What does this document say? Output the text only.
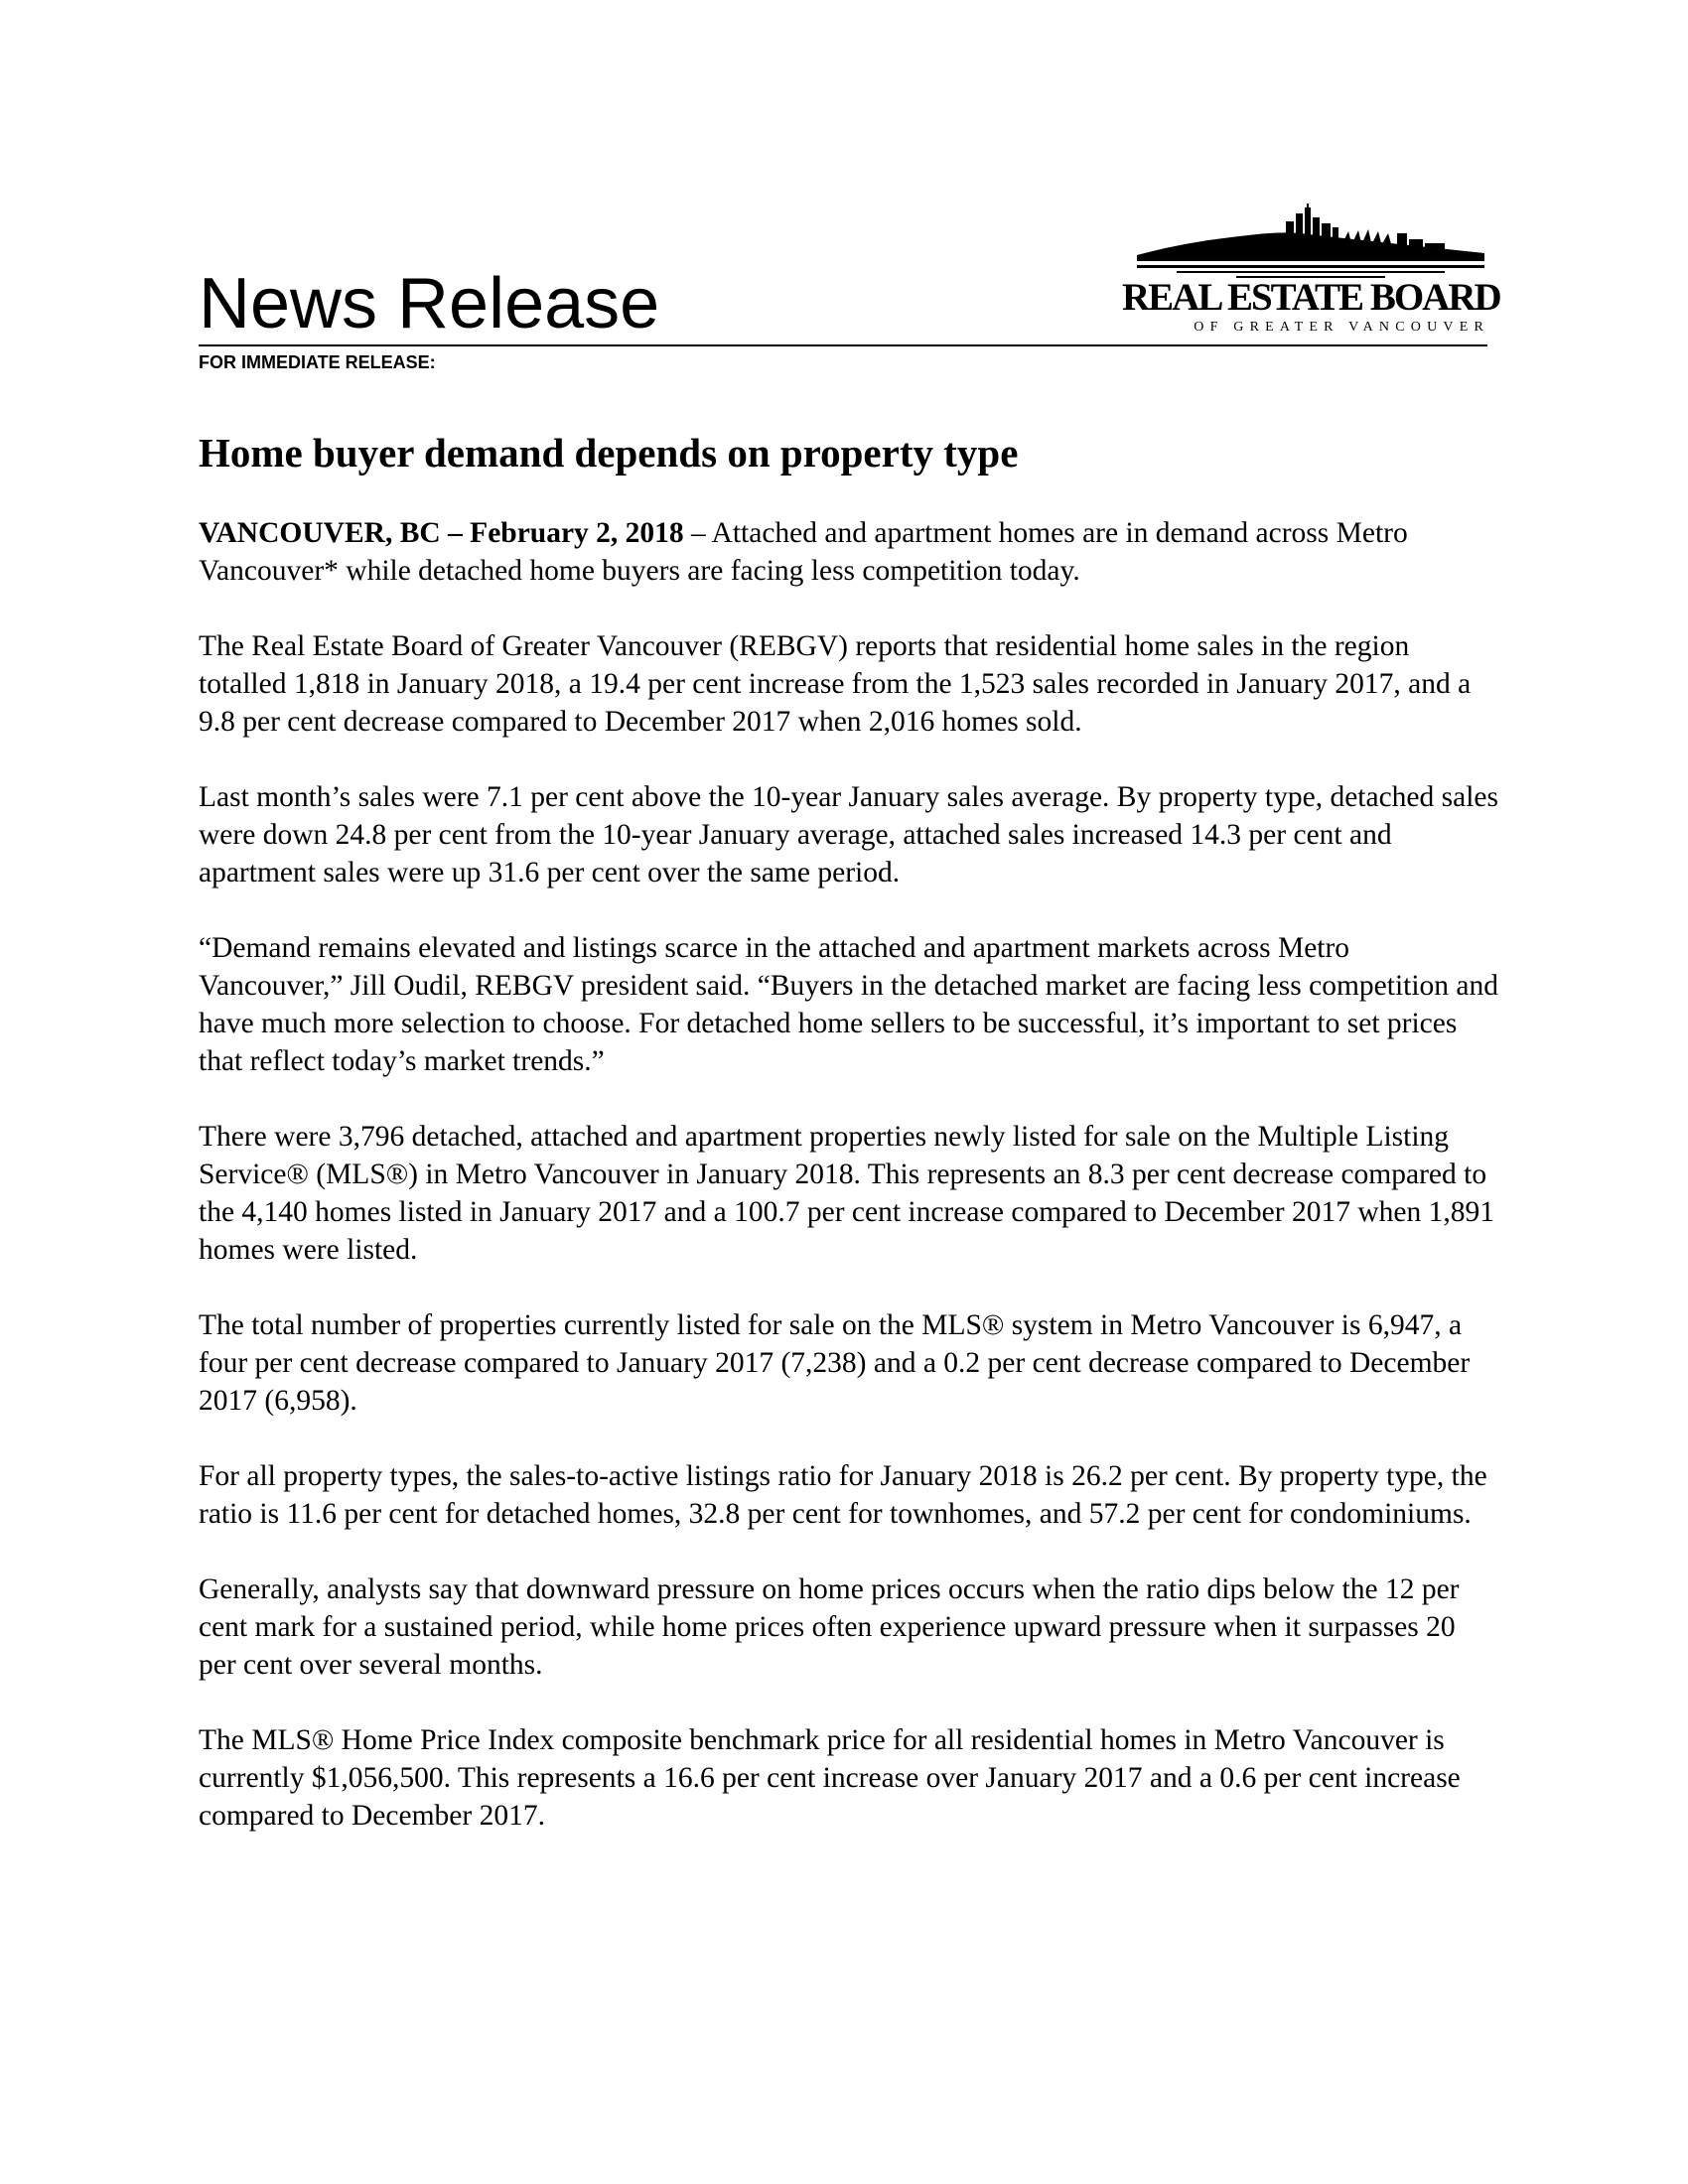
News Release
FOR IMMEDIATE RELEASE:
REAL ESTATE BOARD
OF GREATER VANCOUVER
Home buyer demand depends on property type

VANCOUVER, BC – February 2, 2018 – Attached and apartment homes are in demand across Metro Vancouver* while detached home buyers are facing less competition today.

The Real Estate Board of Greater Vancouver (REBGV) reports that residential home sales in the region totalled 1,818 in January 2018, a 19.4 per cent increase from the 1,523 sales recorded in January 2017, and a 9.8 per cent decrease compared to December 2017 when 2,016 homes sold.

Last month’s sales were 7.1 per cent above the 10-year January sales average. By property type, detached sales were down 24.8 per cent from the 10-year January average, attached sales increased 14.3 per cent and apartment sales were up 31.6 per cent over the same period.

“Demand remains elevated and listings scarce in the attached and apartment markets across Metro Vancouver,” Jill Oudil, REBGV president said. “Buyers in the detached market are facing less competition and have much more selection to choose. For detached home sellers to be successful, it’s important to set prices that reflect today’s market trends.”

There were 3,796 detached, attached and apartment properties newly listed for sale on the Multiple Listing Service® (MLS®) in Metro Vancouver in January 2018. This represents an 8.3 per cent decrease compared to the 4,140 homes listed in January 2017 and a 100.7 per cent increase compared to December 2017 when 1,891 homes were listed.

The total number of properties currently listed for sale on the MLS® system in Metro Vancouver is 6,947, a four per cent decrease compared to January 2017 (7,238) and a 0.2 per cent decrease compared to December 2017 (6,958).

For all property types, the sales-to-active listings ratio for January 2018 is 26.2 per cent. By property type, the ratio is 11.6 per cent for detached homes, 32.8 per cent for townhomes, and 57.2 per cent for condominiums.

Generally, analysts say that downward pressure on home prices occurs when the ratio dips below the 12 per cent mark for a sustained period, while home prices often experience upward pressure when it surpasses 20 per cent over several months.

The MLS® Home Price Index composite benchmark price for all residential homes in Metro Vancouver is currently $1,056,500. This represents a 16.6 per cent increase over January 2017 and a 0.6 per cent increase compared to December 2017.
